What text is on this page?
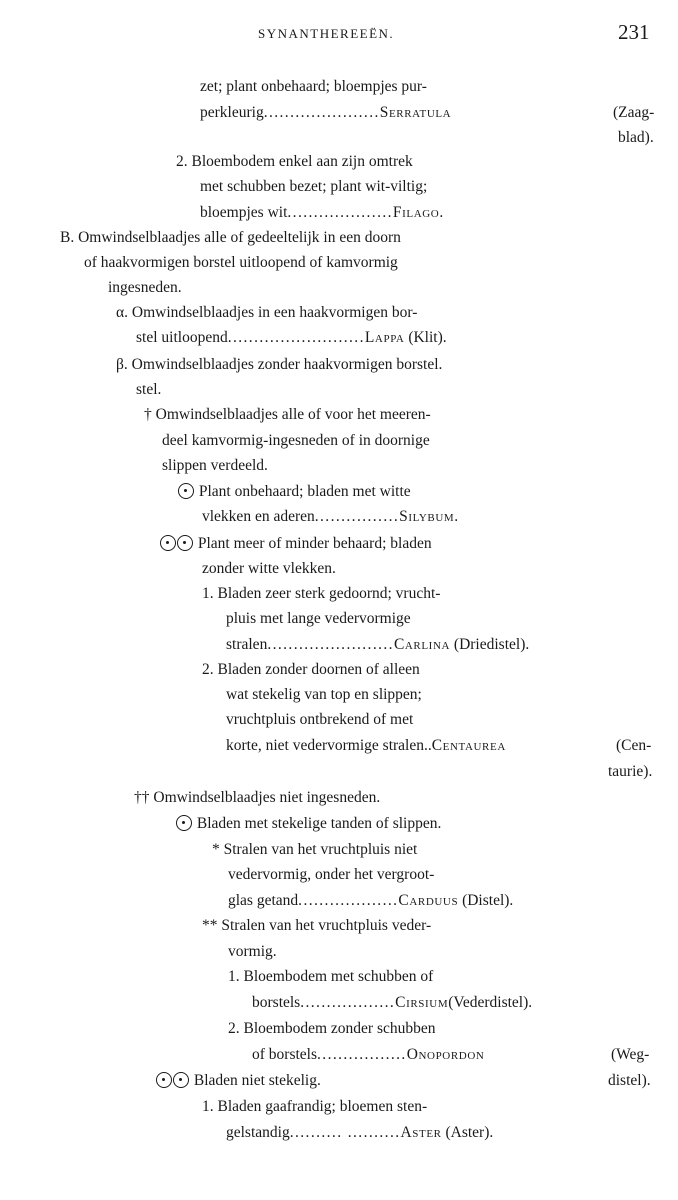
SYNANTHEREEËN.	231
zet; plant onbehaard; bloempjes pur-
perkleurig......................Serratula	(Zaag-
blad).
2. Bloembodem enkel aan zijn omtrek
met schubben bezet; plant wit-viltig;
bloempjes wit....................Filago.
B. Omwindselblaadjes alle of gedeeltelijk in een doorn
of haakvormigen borstel uitloopend of kamvormig
ingesneden.
α. Omwindselblaadjes in een haakvormigen bor-
stel uitloopend..........................Lappa (Klit).
β. Omwindselblaadjes zonder haakvormigen borstel.
stel.
† Omwindselblaadjes alle of voor het meeren-
deel kamvormig-ingesneden of in doornige
slippen verdeeld.
Plant onbehaard; bladen met witte
vlekken en aderen................Silybum.
Plant meer of minder behaard; bladen
zonder witte vlekken.
1. Bladen zeer sterk gedoornd; vrucht-
pluis met lange vedervormige
stralen........................Carlina (Driedistel).
2. Bladen zonder doornen of alleen
wat stekelig van top en slippen;
vruchtpluis ontbrekend of met
korte, niet vedervormige stralen..Centaurea	(Cen-
taurie).
†† Omwindselblaadjes niet ingesneden.
Bladen met stekelige tanden of slippen.
* Stralen van het vruchtpluis niet
vedervormig, onder het vergroot-
glas getand...................Carduus (Distel).
** Stralen van het vruchtpluis veder-
vormig.
1. Bloembodem met schubben of
borstels..................Cirsium(Vederdistel).
2. Bloembodem zonder schubben
of borstels.................Onopordon	(Weg-
distel).
Bladen niet stekelig.
1. Bladen gaafrandig; bloemen sten-
gelstandig.......... ..........Aster (Aster).
